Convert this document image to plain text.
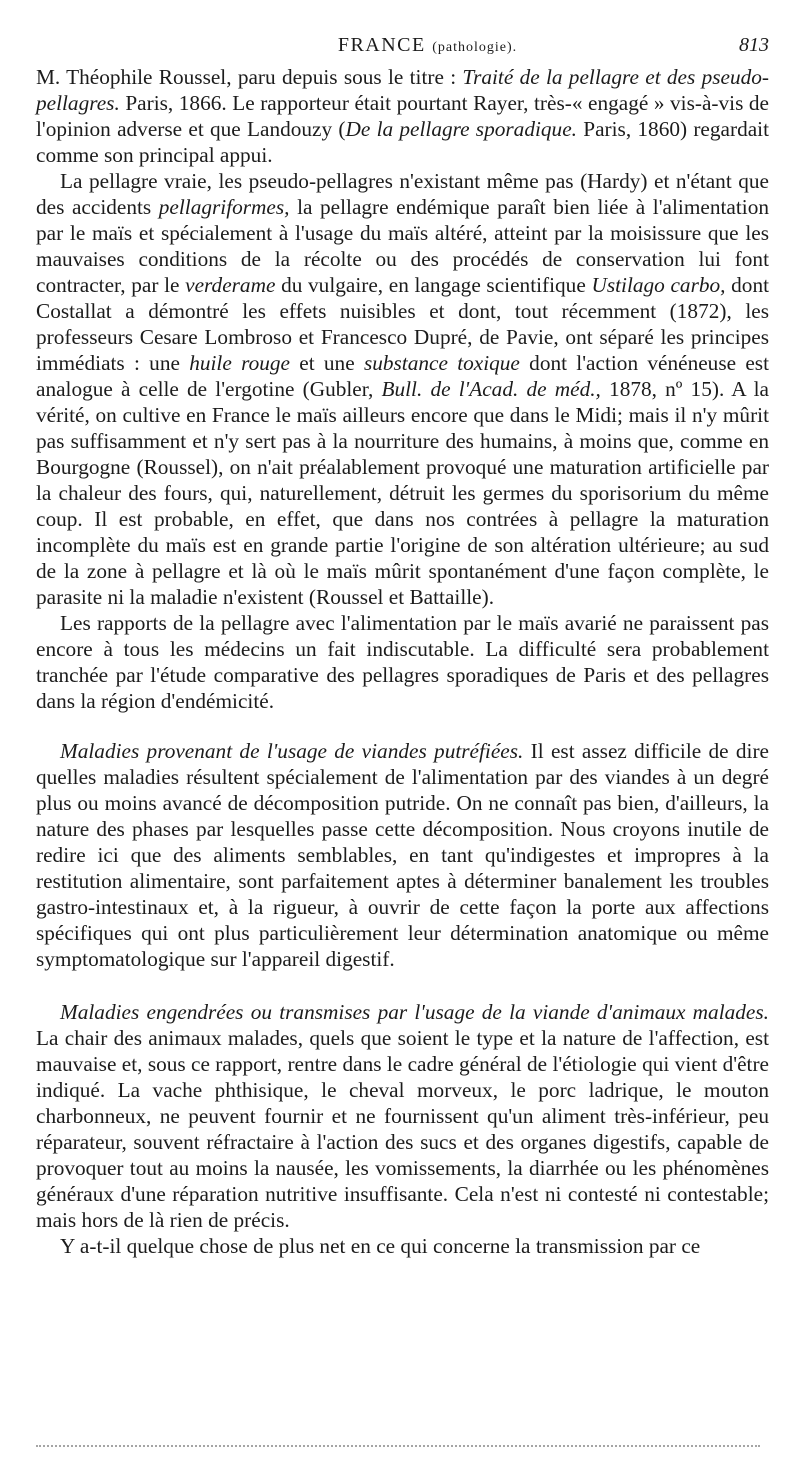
FRANCE (pathologie).	813

M. Théophile Roussel, paru depuis sous le titre : Traité de la pellagre et des pseudo-pellagres. Paris, 1866. Le rapporteur était pourtant Rayer, très-« engagé » vis-à-vis de l'opinion adverse et que Landouzy (De la pellagre sporadique. Paris, 1860) regardait comme son principal appui.

La pellagre vraie, les pseudo-pellagres n'existant même pas (Hardy) et n'étant que des accidents pellagriformes, la pellagre endémique paraît bien liée à l'alimentation par le maïs et spécialement à l'usage du maïs altéré, atteint par la moisissure que les mauvaises conditions de la récolte ou des procédés de conservation lui font contracter, par le verderame du vulgaire, en langage scientifique Ustilago carbo, dont Costallat a démontré les effets nuisibles et dont, tout récemment (1872), les professeurs Cesare Lombroso et Francesco Dupré, de Pavie, ont séparé les principes immédiats : une huile rouge et une substance toxique dont l'action vénéneuse est analogue à celle de l'ergotine (Gubler, Bull. de l'Acad. de méd., 1878, nº 15). A la vérité, on cultive en France le maïs ailleurs encore que dans le Midi; mais il n'y mûrit pas suffisamment et n'y sert pas à la nourriture des humains, à moins que, comme en Bourgogne (Roussel), on n'ait préalablement provoqué une maturation artificielle par la chaleur des fours, qui, naturellement, détruit les germes du sporisorium du même coup. Il est probable, en effet, que dans nos contrées à pellagre la maturation incomplète du maïs est en grande partie l'origine de son altération ultérieure; au sud de la zone à pellagre et là où le maïs mûrit spontanément d'une façon complète, le parasite ni la maladie n'existent (Roussel et Battaille).

Les rapports de la pellagre avec l'alimentation par le maïs avarié ne paraissent pas encore à tous les médecins un fait indiscutable. La difficulté sera probablement tranchée par l'étude comparative des pellagres sporadiques de Paris et des pellagres dans la région d'endémicité.

Maladies provenant de l'usage de viandes putréfiées. Il est assez difficile de dire quelles maladies résultent spécialement de l'alimentation par des viandes à un degré plus ou moins avancé de décomposition putride. On ne connaît pas bien, d'ailleurs, la nature des phases par lesquelles passe cette décomposition. Nous croyons inutile de redire ici que des aliments semblables, en tant qu'indigestes et impropres à la restitution alimentaire, sont parfaitement aptes à déterminer banalement les troubles gastro-intestinaux et, à la rigueur, à ouvrir de cette façon la porte aux affections spécifiques qui ont plus particulièrement leur détermination anatomique ou même symptomatologique sur l'appareil digestif.

Maladies engendrées ou transmises par l'usage de la viande d'animaux malades. La chair des animaux malades, quels que soient le type et la nature de l'affection, est mauvaise et, sous ce rapport, rentre dans le cadre général de l'étiologie qui vient d'être indiqué. La vache phthisique, le cheval morveux, le porc ladrique, le mouton charbonneux, ne peuvent fournir et ne fournissent qu'un aliment très-inférieur, peu réparateur, souvent réfractaire à l'action des sucs et des organes digestifs, capable de provoquer tout au moins la nausée, les vomissements, la diarrhée ou les phénomènes généraux d'une réparation nutritive insuffisante. Cela n'est ni contesté ni contestable; mais hors de là rien de précis.

Y a-t-il quelque chose de plus net en ce qui concerne la transmission par ce
